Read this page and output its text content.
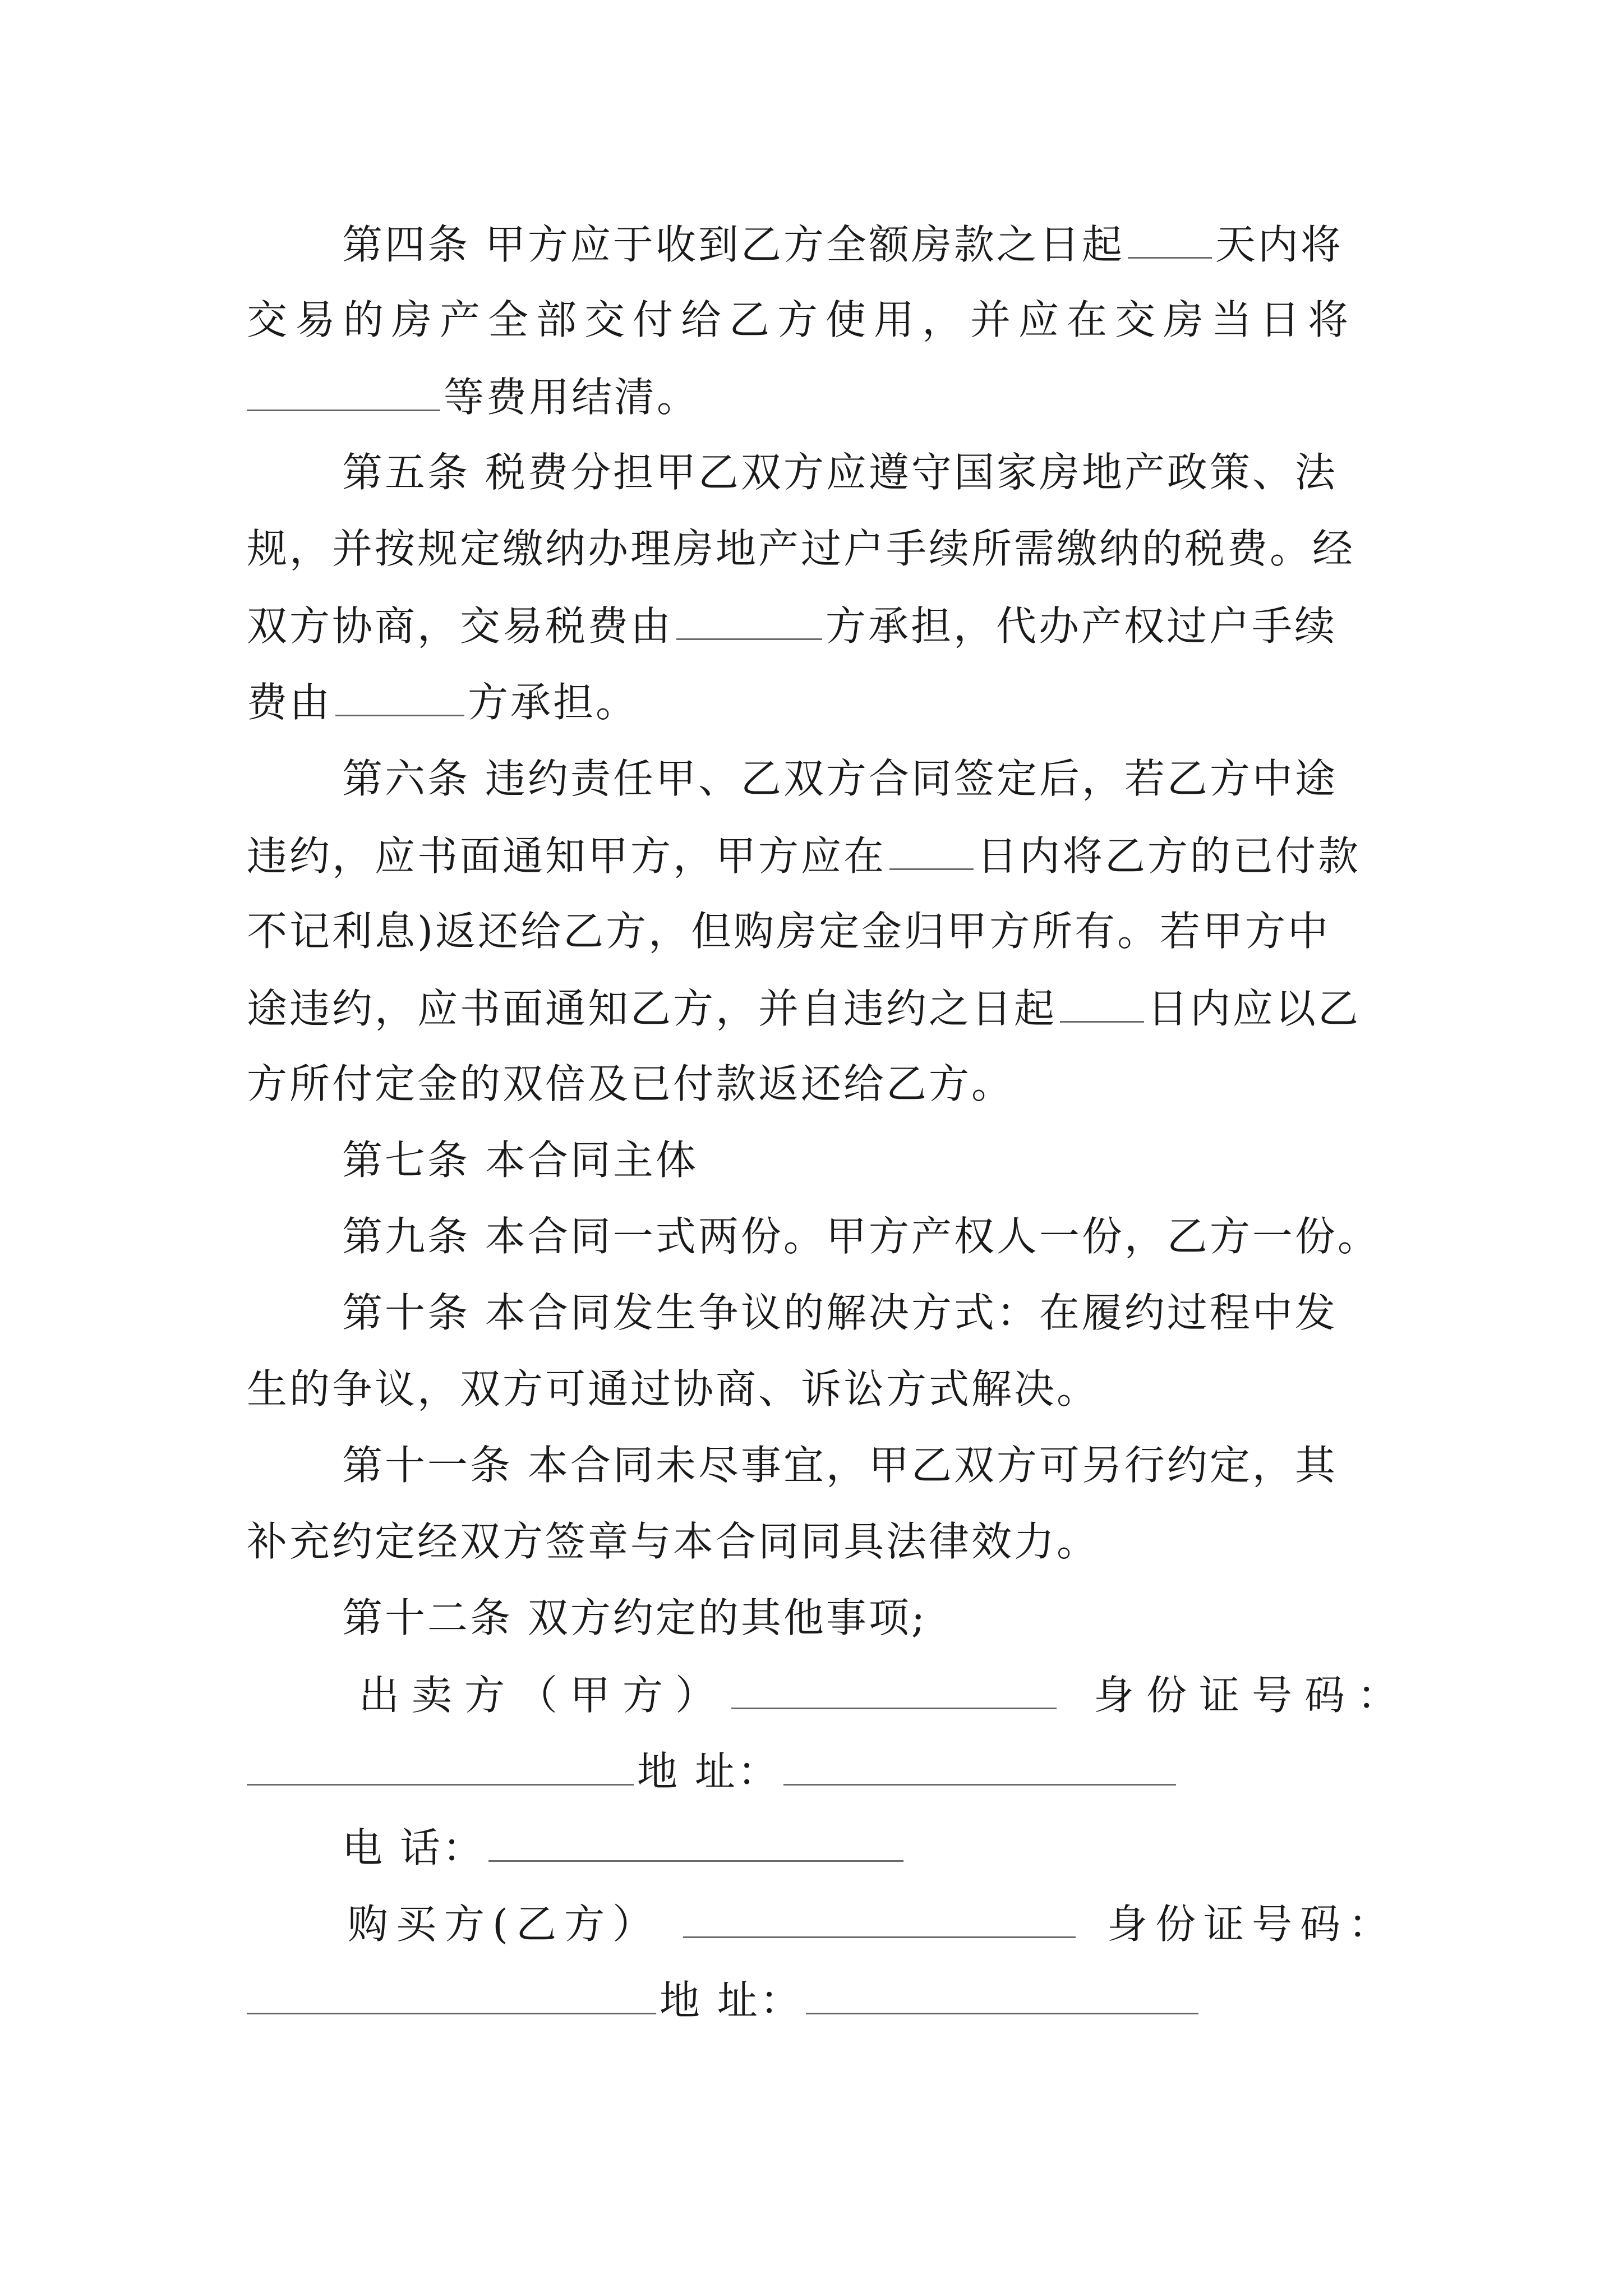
第四条 甲方应于收到乙方全额房款之日起 天内将
交易的房产全部交付给乙方使用，并应在交房当日将
等费用结清。
第五条 税费分担甲乙双方应遵守国家房地产政策、法
规，并按规定缴纳办理房地产过户手续所需缴纳的税费。经
双方协商，交易税费由	方承担，代办产权过户手续
费由	方承担。
第六条 违约责任甲、乙双方合同签定后，若乙方中途
违约，应书面通知甲方，甲方应在 日内将乙方的已付款
不记利息)返还给乙方，但购房定金归甲方所有。若甲方中
途违约，应书面通知乙方，并自违约之日起 日内应以乙
方所付定金的双倍及已付款返还给乙方。
第七条 本合同主体
第九条 本合同一式两份。甲方产权人一份，乙方一份。
第十条 本合同发生争议的解决方式：在履约过程中发
生的争议，双方可通过协商、诉讼方式解决。
第十一条 本合同未尽事宜，甲乙双方可另行约定，其
补充约定经双方签章与本合同同具法律效力。
第十二条 双方约定的其他事项;
出卖方（甲方）	身份证号码：
地 址：
电 话：
购买方(乙方）	身份证号码：
地 址：
